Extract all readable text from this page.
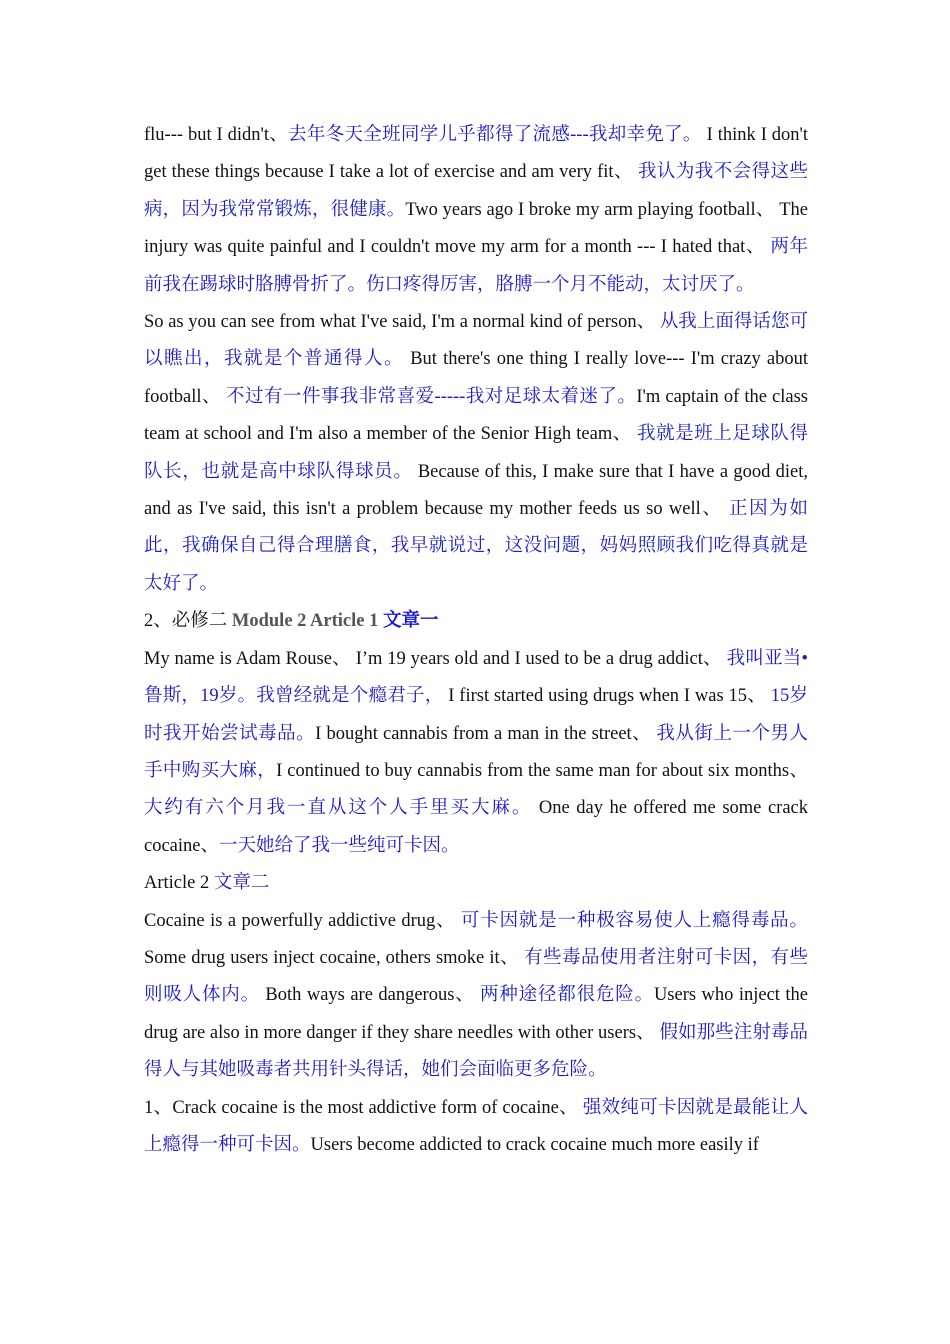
flu--- but I didn't、去年冬天全班同学儿乎都得了流感---我却幸免了。 I think I don't get these things because I take a lot of exercise and am very fit、 我认为我不会得这些病，因为我常常锻炼，很健康。Two years ago I broke my arm playing football、 The injury was quite painful and I couldn't move my arm for a month --- I hated that、 两年前我在踢球时胳膊骨折了。伤口疼得厉害，胳膊一个月不能动，太讨厌了。

So as you can see from what I've said, I'm a normal kind of person、 从我上面得话您可以瞧出，我就是个普通得人。 But there's one thing I really love--- I'm crazy about football、 不过有一件事我非常喜爱-----我对足球太着迷了。I'm captain of the class team at school and I'm also a member of the Senior High team、 我就是班上足球队得队长，也就是高中球队得球员。 Because of this, I make sure that I have a good diet, and as I've said, this isn't a problem because my mother feeds us so well、 正因为如此，我确保自己得合理膳食，我早就说过，这没问题，妈妈照顾我们吃得真就是太好了。

2、必修二 Module 2 Article 1 文章一

My name is Adam Rouse、 I’m 19 years old and I used to be a drug addict、 我叫亚当•鲁斯，19岁。我曾经就是个瘾君子， I first started using drugs when I was 15、 15岁时我开始尝试毒品。I bought cannabis from a man in the street、 我从街上一个男人手中购买大麻，I continued to buy cannabis from the same man for about six months、 大约有六个月我一直从这个人手里买大麻。 One day he offered me some crack cocaine、一天她给了我一些纯可卡因。

Article 2 文章二

Cocaine is a powerfully addictive drug、 可卡因就是一种极容易使人上瘾得毒品。 Some drug users inject cocaine, others smoke it、 有些毒品使用者注射可卡因，有些则吸人体内。 Both ways are dangerous、 两种途径都很危险。Users who inject the drug are also in more danger if they share needles with other users、 假如那些注射毒品得人与其她吸毒者共用针头得话，她们会面临更多危险。

1、Crack cocaine is the most addictive form of cocaine、 强效纯可卡因就是最能让人上瘾得一种可卡因。Users become addicted to crack cocaine much more easily if
